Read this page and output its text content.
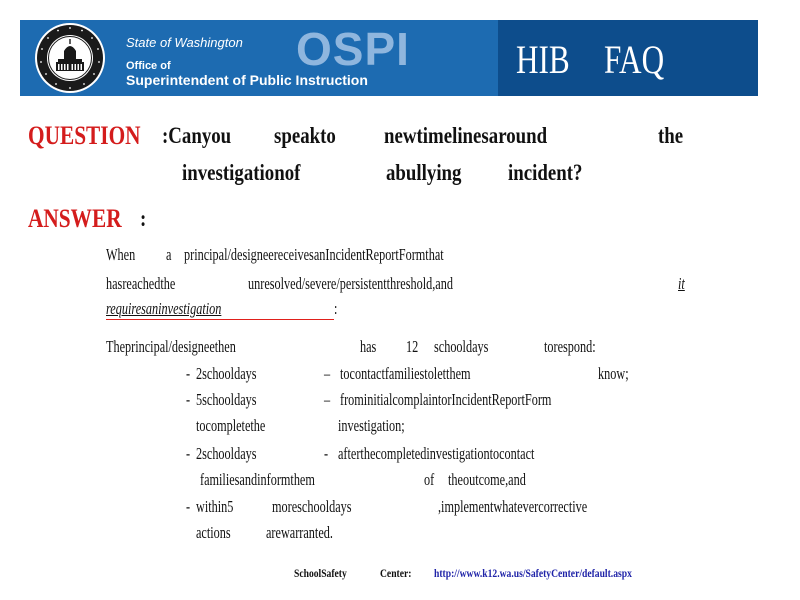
State of Washington
Office of
Superintendent of Public Instruction
OSPI	HIB FAQ
QUESTION :Canyou speakto newtimelinesaround	the
investigationof	abullying incident?
ANSWER :
When a principal/designeereceivesanIncidentReportFormthat
hasreachedthe	unresolved/severe/persistentthreshold,and	it
requiresaninvestigation	:
Theprincipal/designeethen	has 12 schooldays	torespond:
- 2schooldays	– tocontactfamiliestolet​them	know;
- 5schooldays	– frominitialcomplaintorIncidentReportForm
tocompletethe	investigation;
- 2schooldays	- afterthecompletedinvestigationtocontact
familiesandinformthem	of theoutcome,and
- within5 moreschooldays	,implementwhatevercorrective
actions arewarranted.
SchoolSafety	Center: http://www.k12.wa.us/SafetyCenter/default.aspx
